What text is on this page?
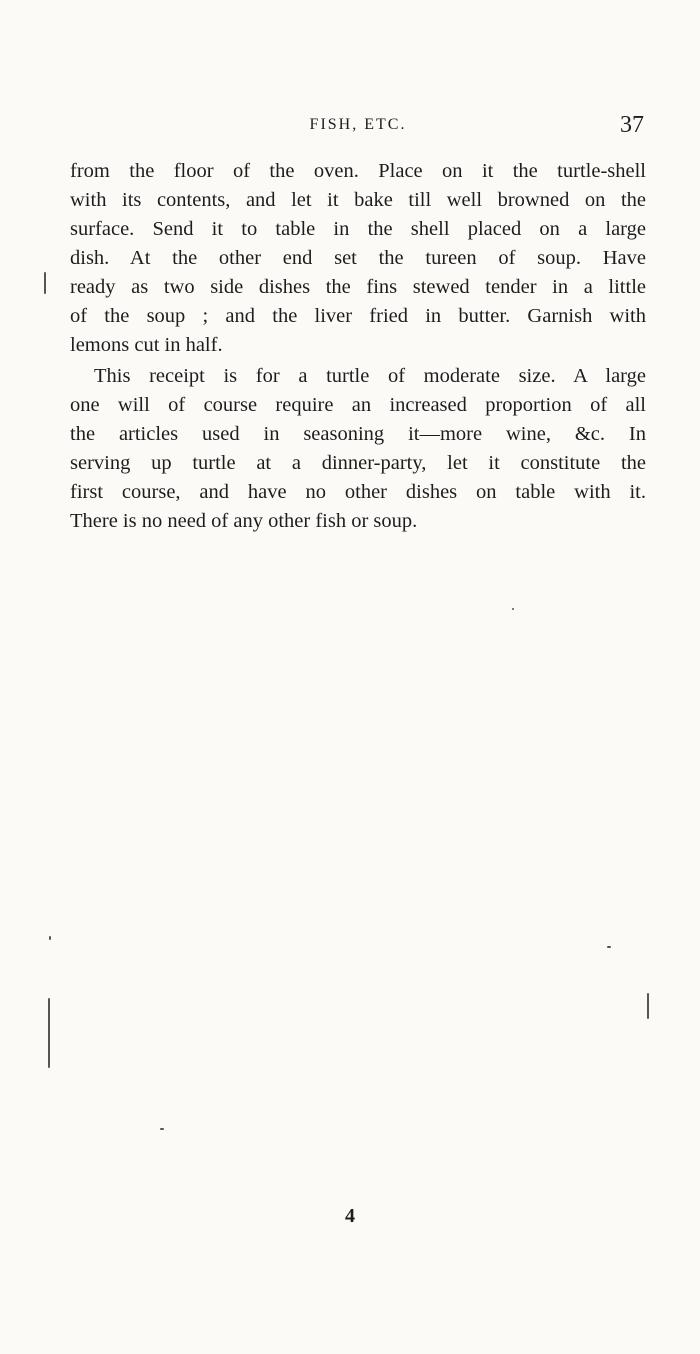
FISH, ETC.	37

from the floor of the oven. Place on it the turtle-shell

with its contents, and let it bake till well browned on the

surface. Send it to table in the shell placed on a large

dish. At the other end set the tureen of soup. Have

ready as two side dishes the fins stewed tender in a little

of the soup ; and the liver fried in butter. Garnish with

lemons cut in half.

This receipt is for a turtle of moderate size. A large

one will of course require an increased proportion of all

the articles used in seasoning it—more wine, &c. In

serving up turtle at a dinner-party, let it constitute the

first course, and have no other dishes on table with it.

There is no need of any other fish or soup.

4
